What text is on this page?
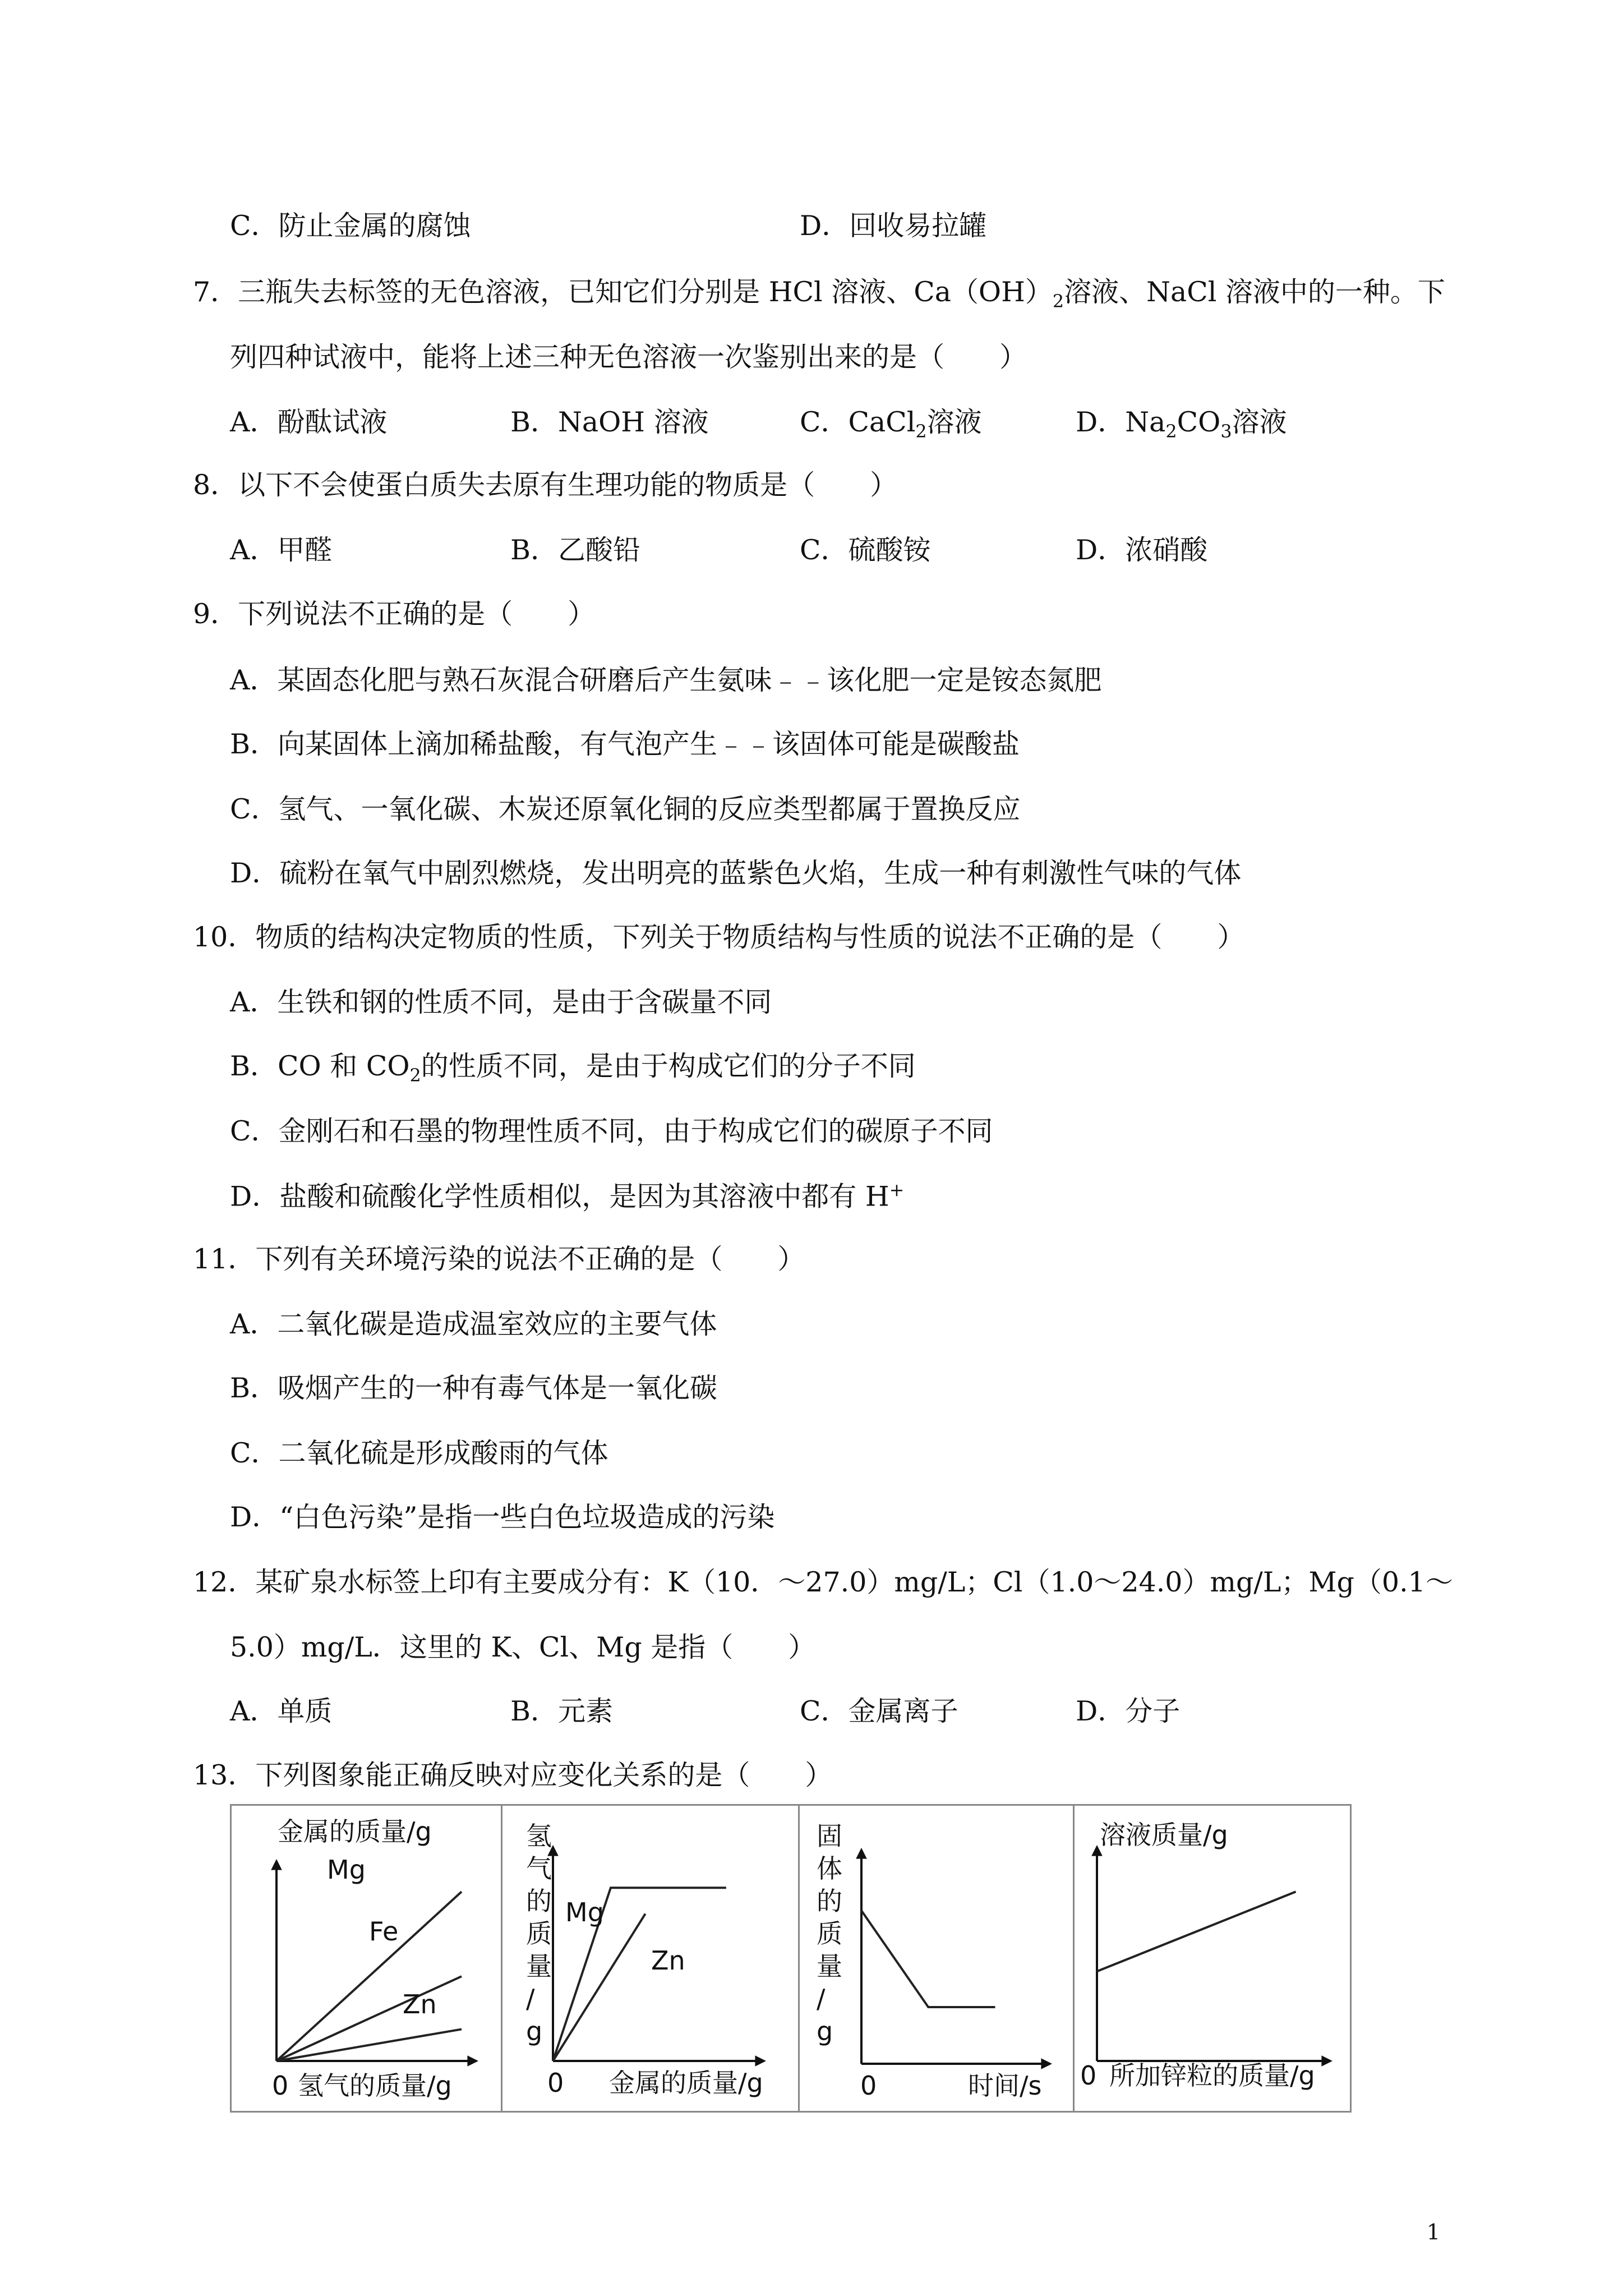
C．防止金属的腐蚀	D．回收易拉罐
7．三瓶失去标签的无色溶液，已知它们分别是 HCl 溶液、$Ca(OH)_2$溶液、NaCl 溶液中的一种。下
列四种试液中，能将上述三种无色溶液一次鉴别出来的是（　　）
A．酚酞试液	B．NaOH 溶液	C．CaCl$_2$溶液	D．$Na_2CO_3$溶液
8．以下不会使蛋白质失去原有生理功能的物质是（　　）
A．甲醛	B．乙酸铅	C．硫酸铵	D．浓硝酸
9．下列说法不正确的是（　　）
A．某固态化肥与熟石灰混合研磨后产生氨味﹣﹣该化肥一定是铵态氮肥
B．向某固体上滴加稀盐酸，有气泡产生﹣﹣该固体可能是碳酸盐
C．氢气、一氧化碳、木炭还原氧化铜的反应类型都属于置换反应
D．硫粉在氧气中剧烈燃烧，发出明亮的蓝紫色火焰，生成一种有刺激性气味的气体
10．物质的结构决定物质的性质，下列关于物质结构与性质的说法不正确的是（　　）
A．生铁和钢的性质不同，是由于含碳量不同
B．CO 和 $CO_2$的性质不同，是由于构成它们的分子不同
C．金刚石和石墨的物理性质不同，由于构成它们的碳原子不同
D．盐酸和硫酸化学性质相似，是因为其溶液中都有 H+
11．下列有关环境污染的说法不正确的是（　　）
A．二氧化碳是造成温室效应的主要气体
B．吸烟产生的一种有毒气体是一氧化碳
C．二氧化硫是形成酸雨的气体
D．“白色污染”是指一些白色垃圾造成的污染
12．某矿泉水标签上印有主要成分有：K（10．～27.0）mg/L；Cl（1.0～24.0）mg/L；Mg（0.1～
5.0）mg/L．这里的 K、Cl、Mg 是指（　　）
A．单质	B．元素	C．金属离子	D．分子
13．下列图象能正确反映对应变化关系的是（　　）
金属的质量/g
氢气的质量/g
0
Mg
Fe
Zn
氢气的质量/ g
金属的质量/g
0
Mg
Zn
固体的质量/ g
时间/s
0
溶液质量/g
所加锌粒的质量/g
0
1
